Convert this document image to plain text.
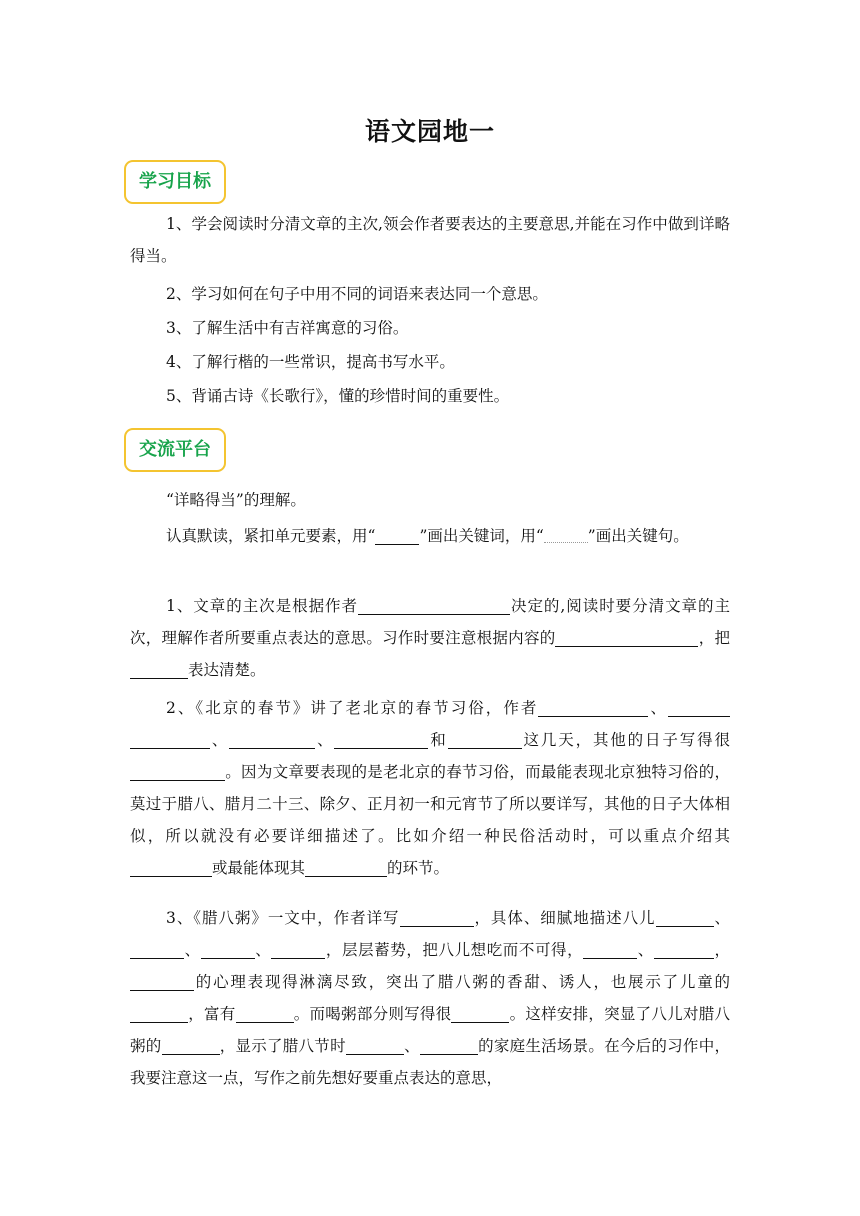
语文园地一
学习目标
1、学会阅读时分清文章的主次,领会作者要表达的主要意思,并能在习作中做到详略得当。
2、学习如何在句子中用不同的词语来表达同一个意思。
3、了解生活中有吉祥寓意的习俗。
4、了解行楷的一些常识，提高书写水平。
5、背诵古诗《长歌行》，懂的珍惜时间的重要性。
交流平台
“详略得当”的理解。
认真默读，紧扣单元要素，用“	”画出关键词，用“	”画出关键句。
1、文章的主次是根据作者	决定的,阅读时要分清文章的主次，理解作者所要重点表达的意思。习作时要注意根据内容的	，把表达清楚。
2、《北京的春节》讲了老北京的春节习俗，作者	、、	、	和	这几天，其他的日子写得很。因为文章要表现的是老北京的春节习俗，而最能表现北京独特习俗的，莫过于腊八、腊月二十三、除夕、正月初一和元宵节了所以要详写，其他的日子大体相似，所以就没有必要详细描述了。比如介绍一种民俗活动时，可以重点介绍其或最能体现其	的环节。
3、《腊八粥》一文中，作者详写	，具体、细腻地描述八儿	、、	、	，层层蓄势，把八儿想吃而不可得，	、	，的心理表现得淋漓尽致，突出了腊八粥的香甜、诱人，也展示了儿童的，富有	。而喝粥部分则写得很	。这样安排，突显了八儿对腊八粥的	，显示了腊八节时	、	的家庭生活场景。在今后的习作中，我要注意这一点，写作之前先想好要重点表达的意思，
